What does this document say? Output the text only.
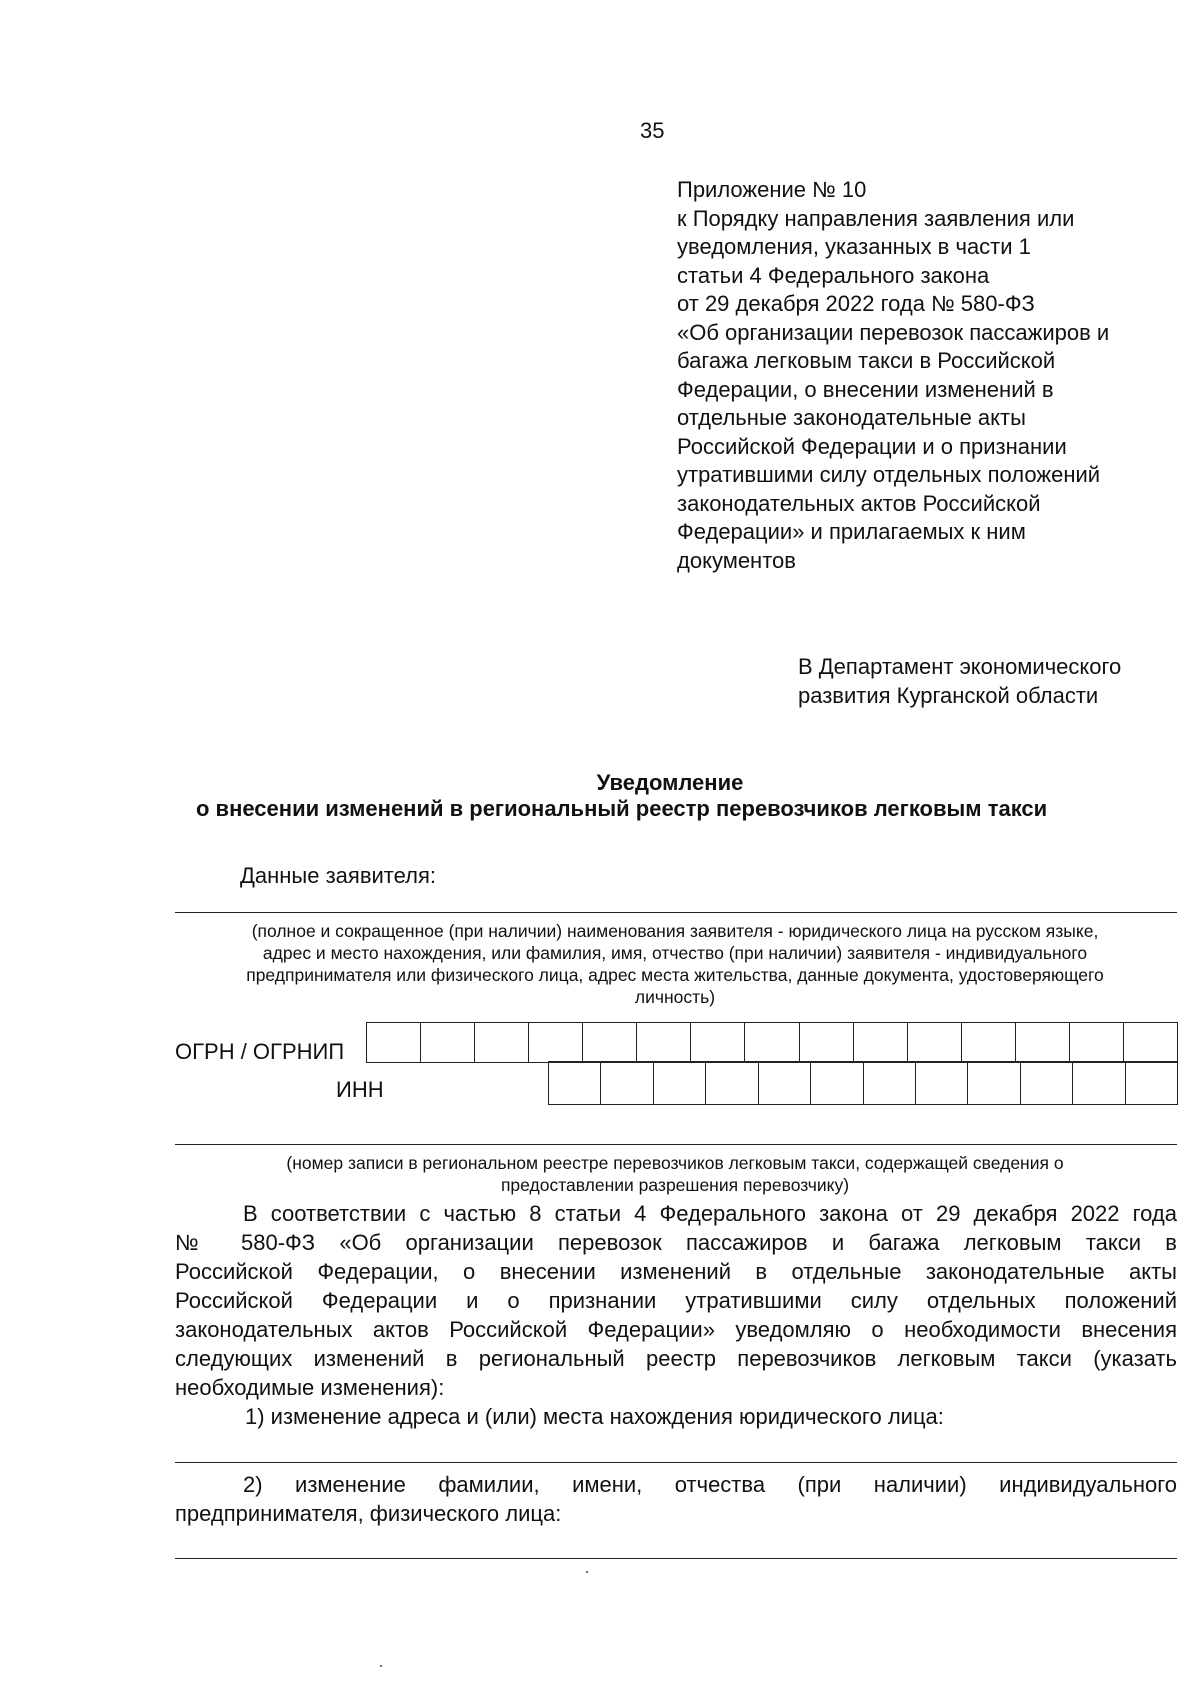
35
Приложение № 10
к Порядку направления заявления или
уведомления, указанных в части 1
статьи 4 Федерального закона
от 29 декабря 2022 года № 580-ФЗ
«Об организации перевозок пассажиров и
багажа легковым такси в Российской
Федерации, о внесении изменений в
отдельные законодательные акты
Российской Федерации и о признании
утратившими силу отдельных положений
законодательных актов Российской
Федерации» и прилагаемых к ним
документов
В Департамент экономического
развития Курганской области
Уведомление
о внесении изменений в региональный реестр перевозчиков легковым такси
Данные заявителя:
(полное и сокращенное (при наличии) наименования заявителя - юридического лица на русском языке,
адрес и место нахождения, или фамилия, имя, отчество (при наличии) заявителя - индивидуального
предпринимателя или физического лица, адрес места жительства, данные документа, удостоверяющего
личность)
ОГРН / ОГРНИП
ИНН
(номер записи в региональном реестре перевозчиков легковым такси, содержащей сведения о
предоставлении разрешения перевозчику)
В соответствии с частью 8 статьи 4 Федерального закона от 29 декабря 2022 года
№ 580-ФЗ «Об организации перевозок пассажиров и багажа легковым такси в
Российской Федерации, о внесении изменений в отдельные законодательные акты
Российской Федерации и о признании утратившими силу отдельных положений
законодательных актов Российской Федерации» уведомляю о необходимости внесения
следующих изменений в региональный реестр перевозчиков легковым такси (указать
необходимые изменения):
1) изменение адреса и (или) места нахождения юридического лица:
2) изменение фамилии, имени, отчества (при наличии) индивидуального
предпринимателя, физического лица:
